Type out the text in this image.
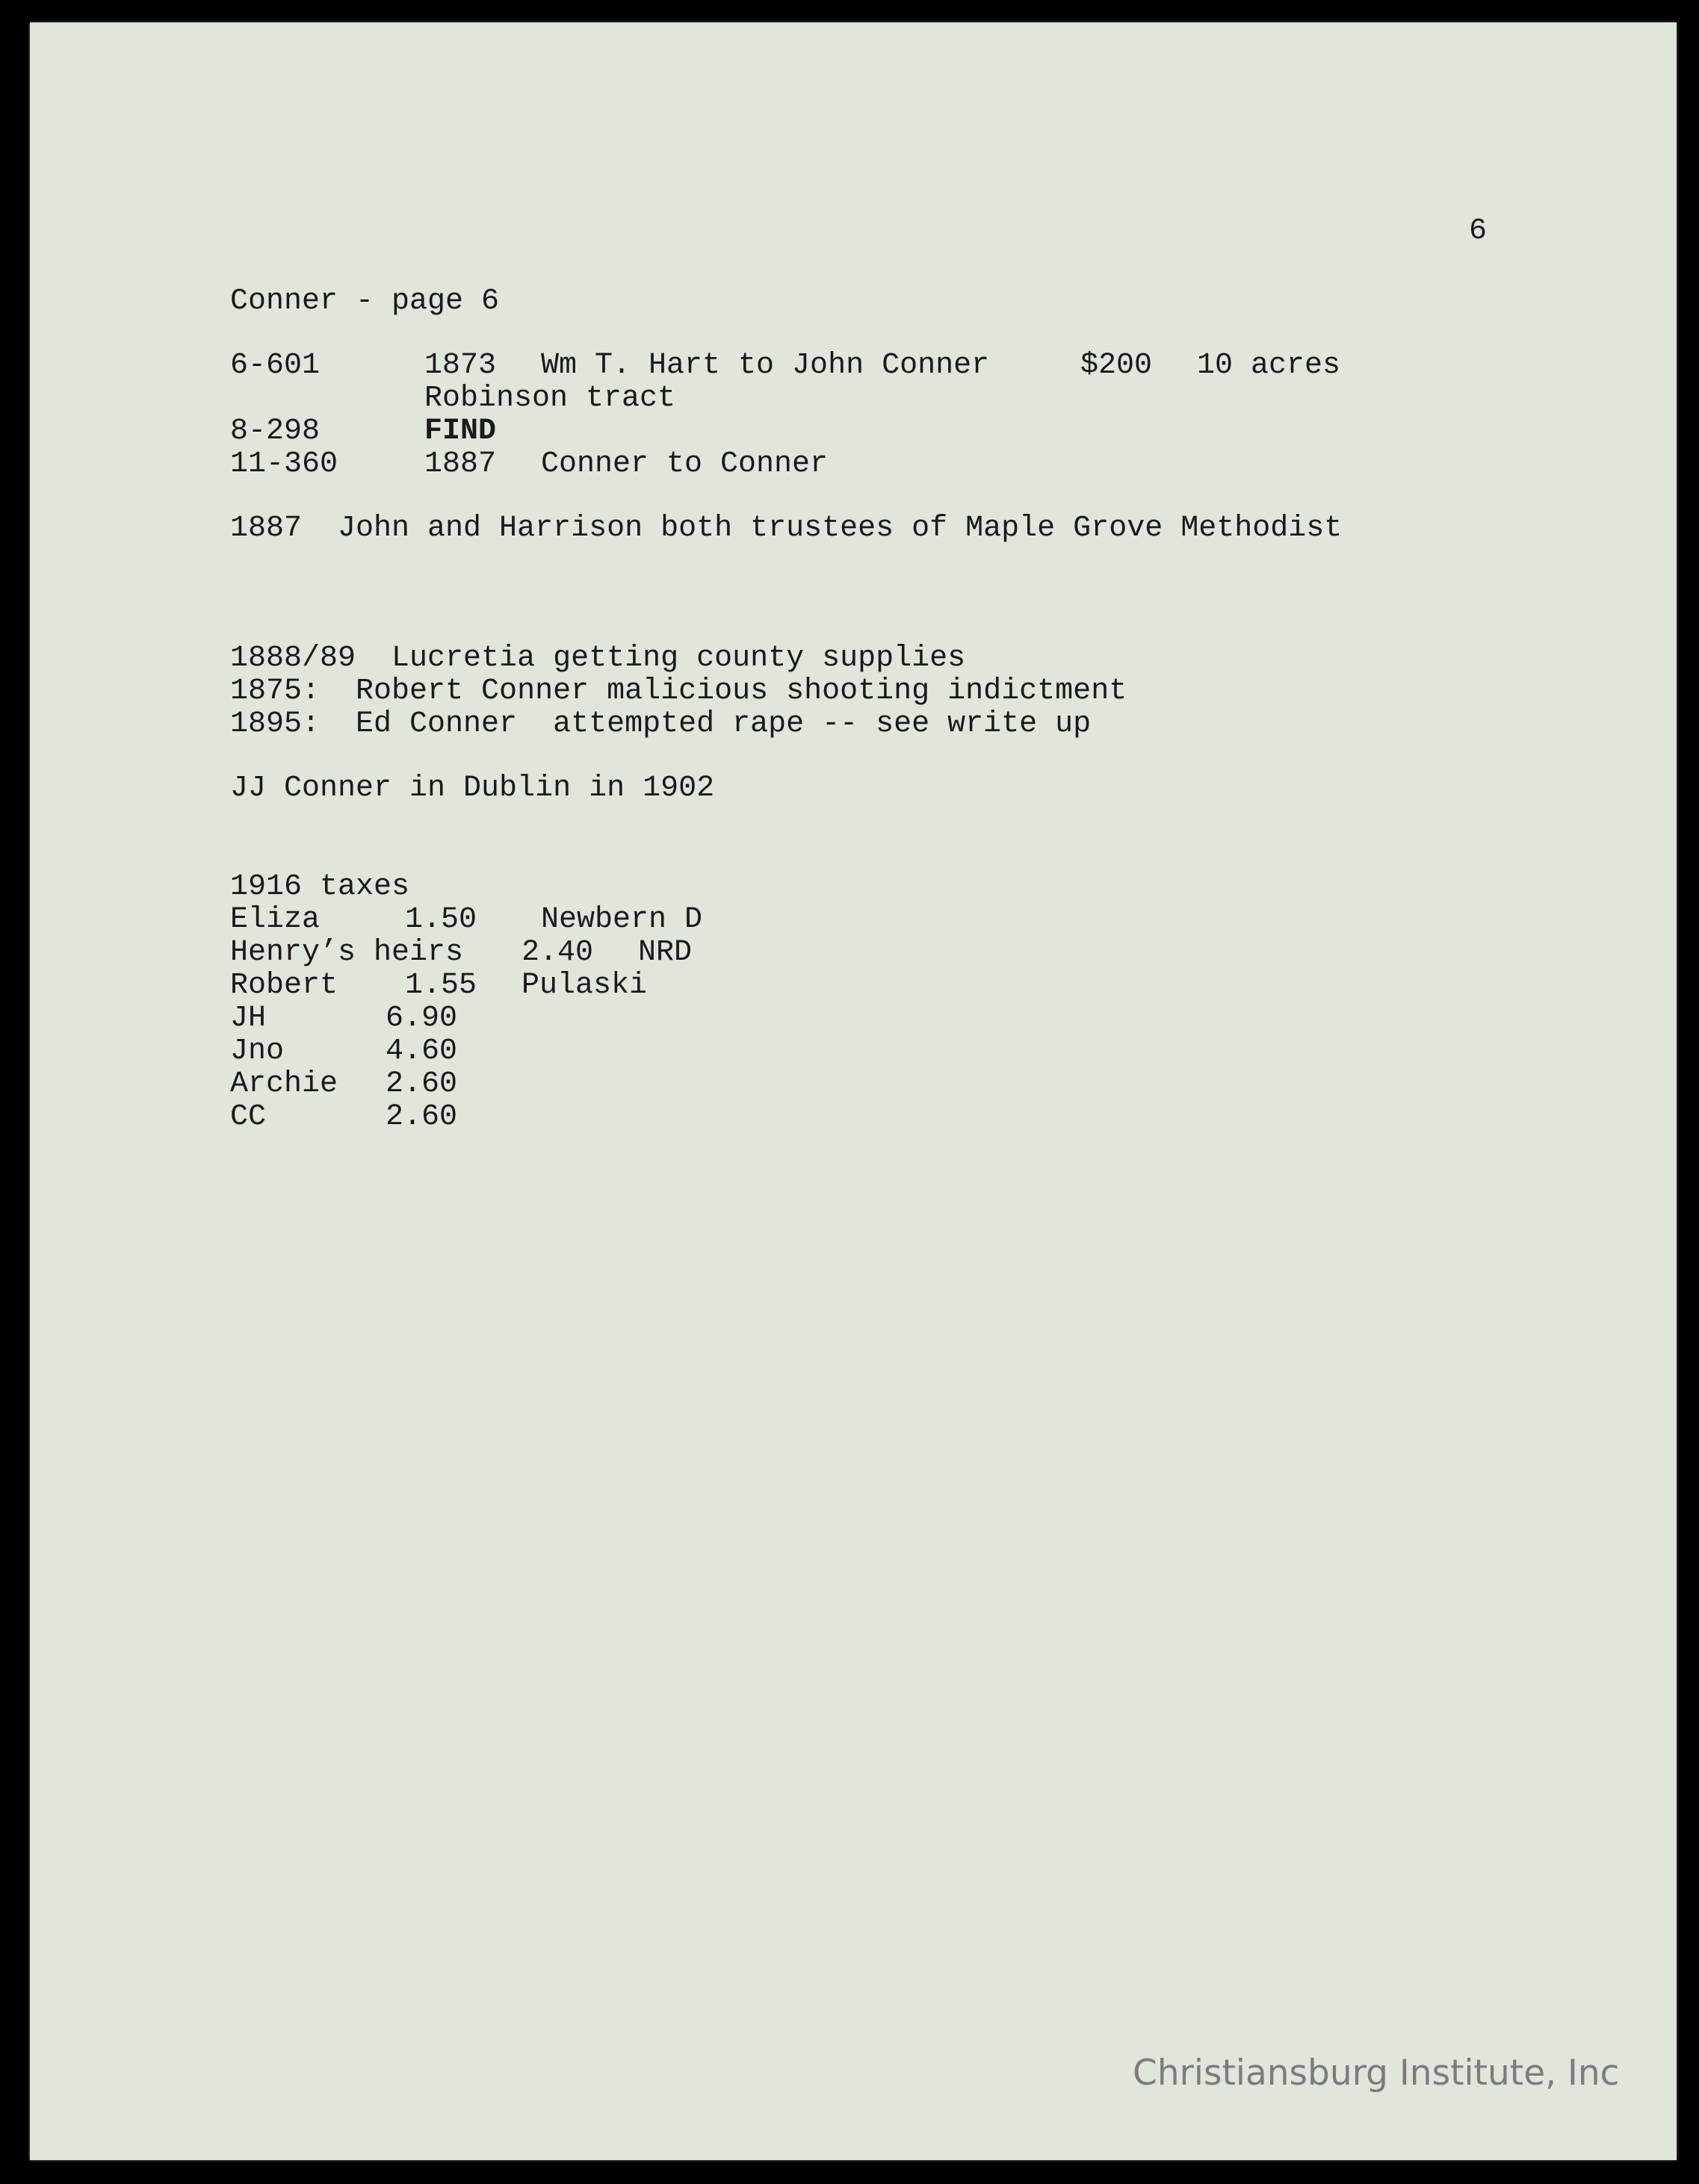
6

Conner - page 6

6-601	1873 Wm T. Hart to John Conner	$200 10 acres

Robinson tract

8-298	FIND

11-360	1887 Conner to Conner

1887  John and Harrison both trustees of Maple Grove Methodist

1888/89  Lucretia getting county supplies

1875:  Robert Conner malicious shooting indictment

1895:  Ed Conner  attempted rape -- see write up

JJ Conner in Dublin in 1902

1916 taxes

Eliza	1.50 Newbern D

Henry’s heirs 2.40 NRD

Robert 1.55 Pulaski

JH	6.90

Jno	4.60

Archie 2.60

CC	2.60

Christiansburg Institute, Inc
